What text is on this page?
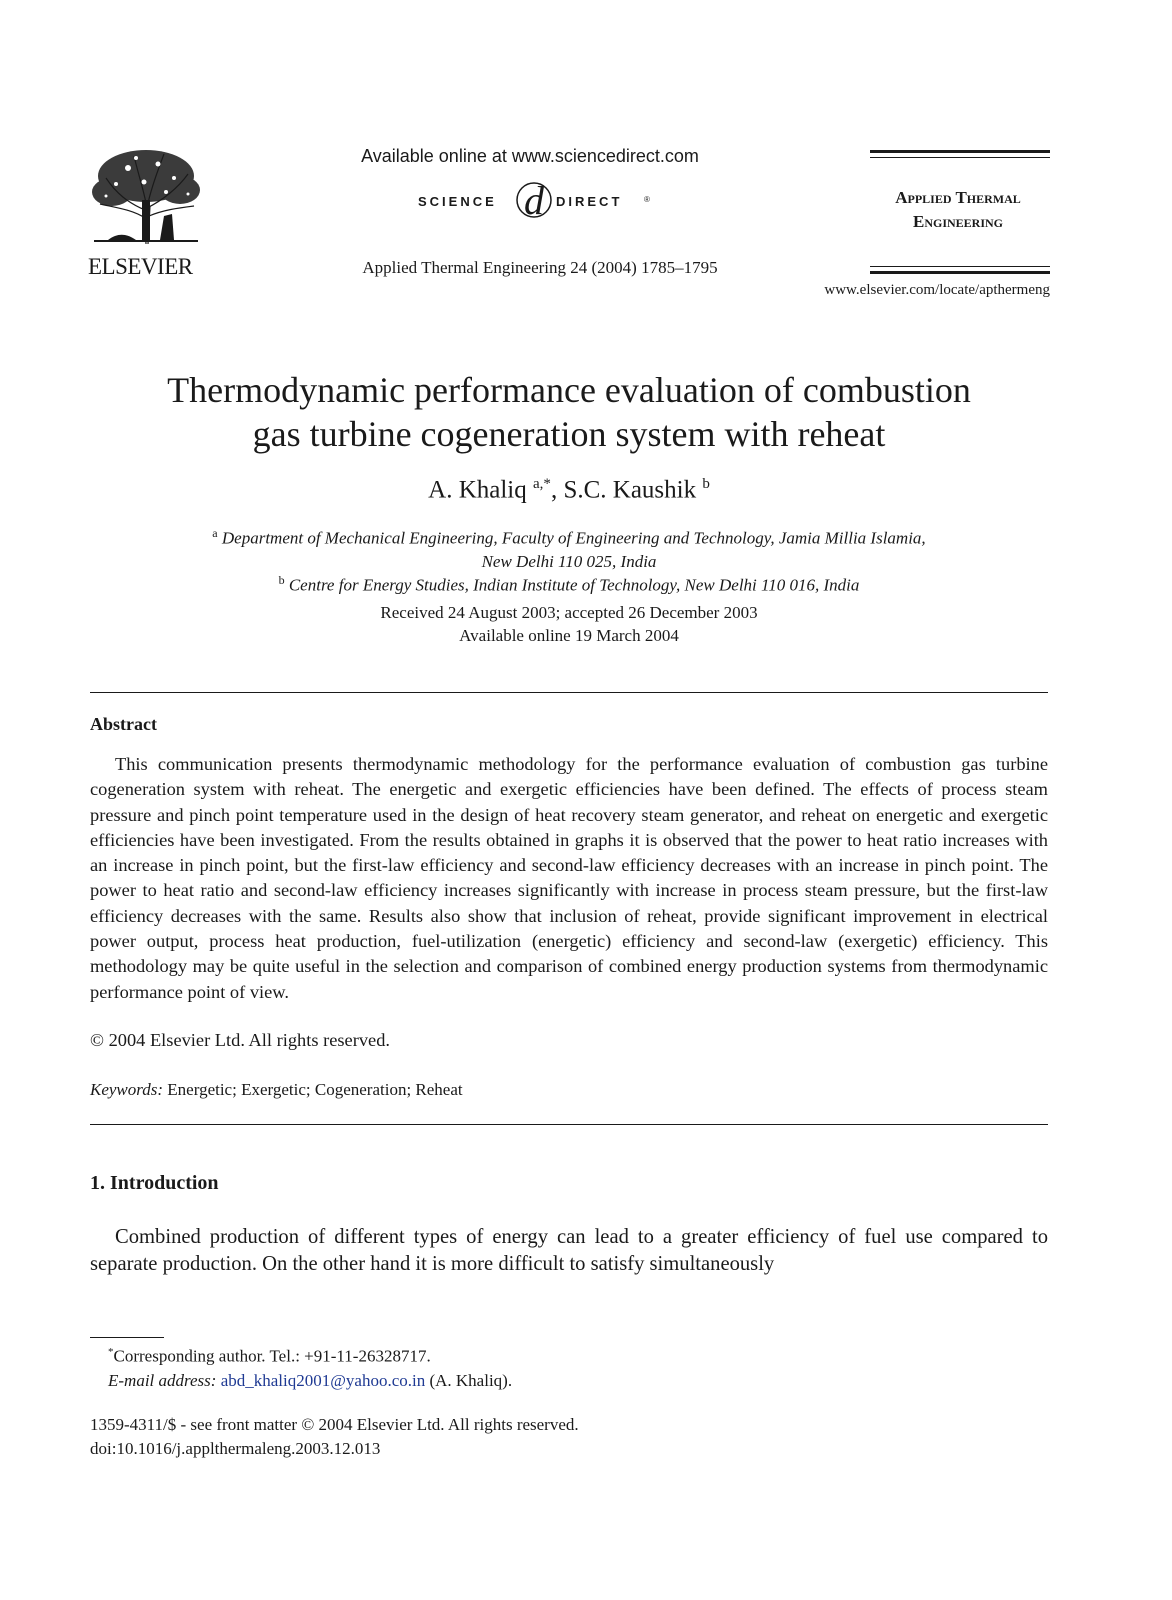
ELSEVIER
Available online at www.sciencedirect.com
SCIENCE d DIRECT	®
Applied Thermal Engineering 24 (2004) 1785–1795
Applied Thermal
Engineering
www.elsevier.com/locate/apthermeng
Thermodynamic performance evaluation of combustion
gas turbine cogeneration system with reheat
A. Khaliq $^{a,*}$, S.C. Kaushik $^b$
$^a$ Department of Mechanical Engineering, Faculty of Engineering and Technology, Jamia Millia Islamia,
New Delhi 110 025, India
$^b$ Centre for Energy Studies, Indian Institute of Technology, New Delhi 110 016, India
Received 24 August 2003; accepted 26 December 2003
Available online 19 March 2004
Abstract

This communication presents thermodynamic methodology for the performance evaluation of combustion gas turbine cogeneration system with reheat. The energetic and exergetic efficiencies have been defined. The effects of process steam pressure and pinch point temperature used in the design of heat recovery steam generator, and reheat on energetic and exergetic efficiencies have been investigated. From the results obtained in graphs it is observed that the power to heat ratio increases with an increase in pinch point, but the first-law efficiency and second-law efficiency decreases with an increase in pinch point. The power to heat ratio and second-law efficiency increases significantly with increase in process steam pressure, but the first-law efficiency decreases with the same. Results also show that inclusion of reheat, provide significant improvement in electrical power output, process heat production, fuel-utilization (energetic) efficiency and second-law (exergetic) efficiency. This methodology may be quite useful in the selection and comparison of combined energy production systems from thermodynamic performance point of view.

© 2004 Elsevier Ltd. All rights reserved.
Keywords: Energetic; Exergetic; Cogeneration; Reheat
1. Introduction

Combined production of different types of energy can lead to a greater efficiency of fuel use compared to separate production. On the other hand it is more difficult to satisfy simultaneously

*Corresponding author. Tel.: +91-11-26328717.
E-mail address: abd_khaliq2001@yahoo.co.in (A. Khaliq).
1359-4311/$ - see front matter © 2004 Elsevier Ltd. All rights reserved.
doi:10.1016/j.applthermaleng.2003.12.013
